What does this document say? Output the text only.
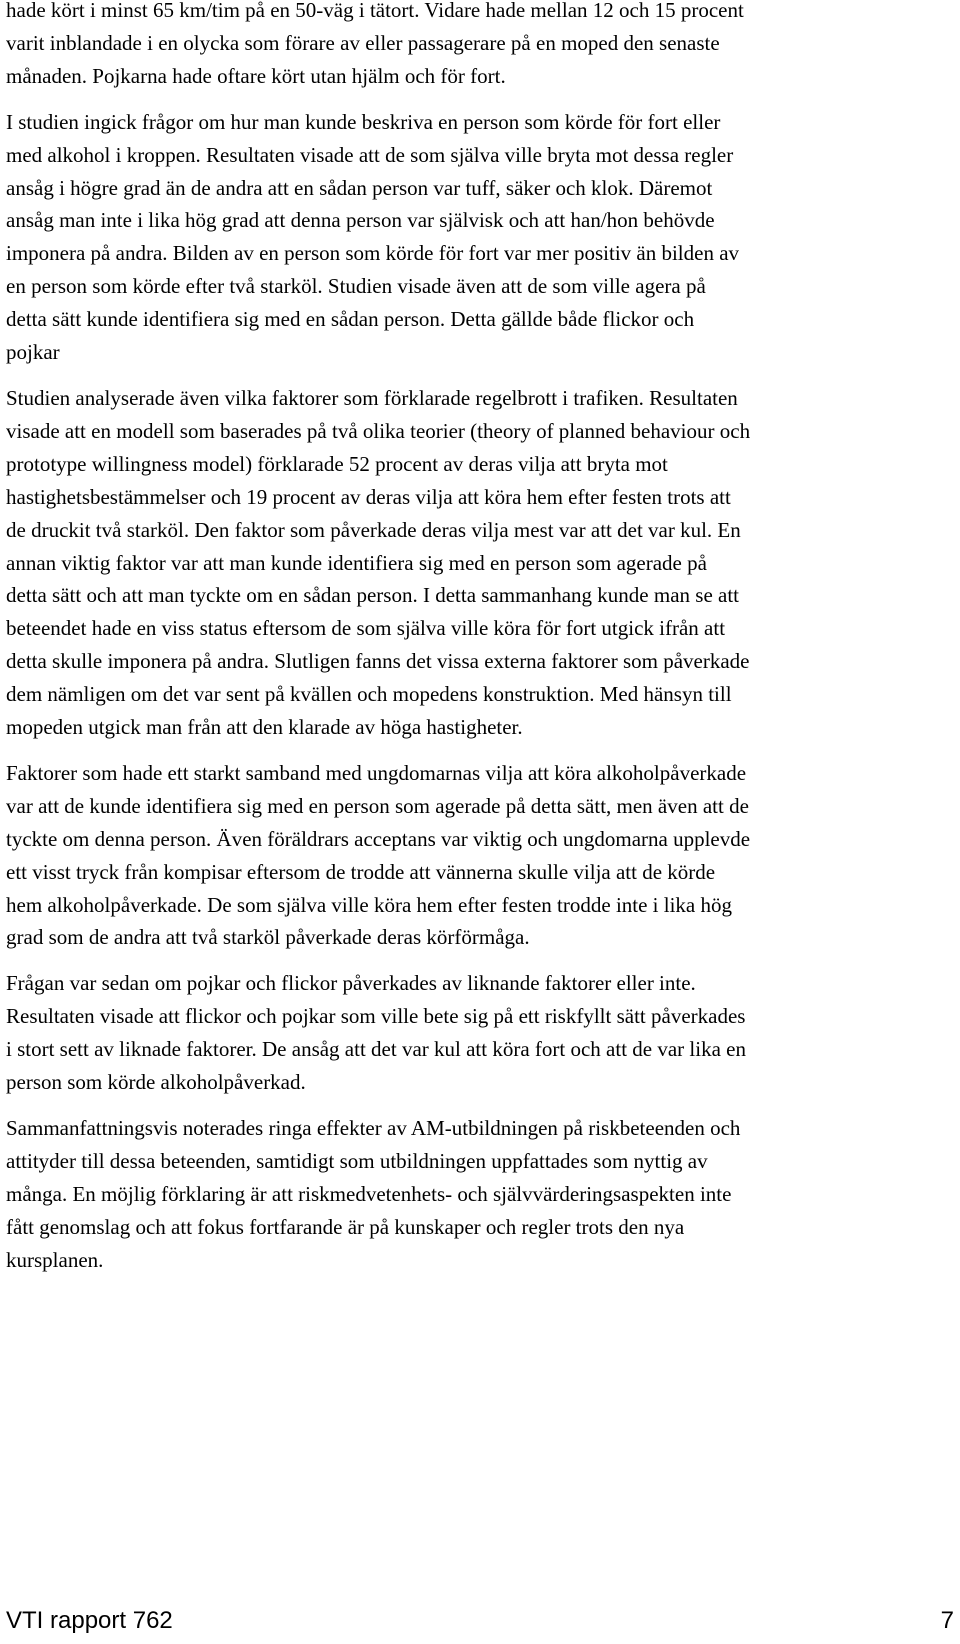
hade kört i minst 65 km/tim på en 50-väg i tätort. Vidare hade mellan 12 och 15 procent
varit inblandade i en olycka som förare av eller passagerare på en moped den senaste
månaden. Pojkarna hade oftare kört utan hjälm och för fort.

I studien ingick frågor om hur man kunde beskriva en person som körde för fort eller
med alkohol i kroppen. Resultaten visade att de som själva ville bryta mot dessa regler
ansåg i högre grad än de andra att en sådan person var tuff, säker och klok. Däremot
ansåg man inte i lika hög grad att denna person var självisk och att han/hon behövde
imponera på andra. Bilden av en person som körde för fort var mer positiv än bilden av
en person som körde efter två starköl. Studien visade även att de som ville agera på
detta sätt kunde identifiera sig med en sådan person. Detta gällde både flickor och
pojkar

Studien analyserade även vilka faktorer som förklarade regelbrott i trafiken. Resultaten
visade att en modell som baserades på två olika teorier (theory of planned behaviour och
prototype willingness model) förklarade 52 procent av deras vilja att bryta mot
hastighetsbestämmelser och 19 procent av deras vilja att köra hem efter festen trots att
de druckit två starköl. Den faktor som påverkade deras vilja mest var att det var kul. En
annan viktig faktor var att man kunde identifiera sig med en person som agerade på
detta sätt och att man tyckte om en sådan person. I detta sammanhang kunde man se att
beteendet hade en viss status eftersom de som själva ville köra för fort utgick ifrån att
detta skulle imponera på andra. Slutligen fanns det vissa externa faktorer som påverkade
dem nämligen om det var sent på kvällen och mopedens konstruktion. Med hänsyn till
mopeden utgick man från att den klarade av höga hastigheter.

Faktorer som hade ett starkt samband med ungdomarnas vilja att köra alkoholpåverkade
var att de kunde identifiera sig med en person som agerade på detta sätt, men även att de
tyckte om denna person. Även föräldrars acceptans var viktig och ungdomarna upplevde
ett visst tryck från kompisar eftersom de trodde att vännerna skulle vilja att de körde
hem alkoholpåverkade. De som själva ville köra hem efter festen trodde inte i lika hög
grad som de andra att två starköl påverkade deras körförmåga.

Frågan var sedan om pojkar och flickor påverkades av liknande faktorer eller inte.
Resultaten visade att flickor och pojkar som ville bete sig på ett riskfyllt sätt påverkades
i stort sett av liknade faktorer. De ansåg att det var kul att köra fort och att de var lika en
person som körde alkoholpåverkad.

Sammanfattningsvis noterades ringa effekter av AM-utbildningen på riskbeteenden och
attityder till dessa beteenden, samtidigt som utbildningen uppfattades som nyttig av
många. En möjlig förklaring är att riskmedvetenhets- och självvärderingsaspekten inte
fått genomslag och att fokus fortfarande är på kunskaper och regler trots den nya
kursplanen.

VTI rapport 762	7
